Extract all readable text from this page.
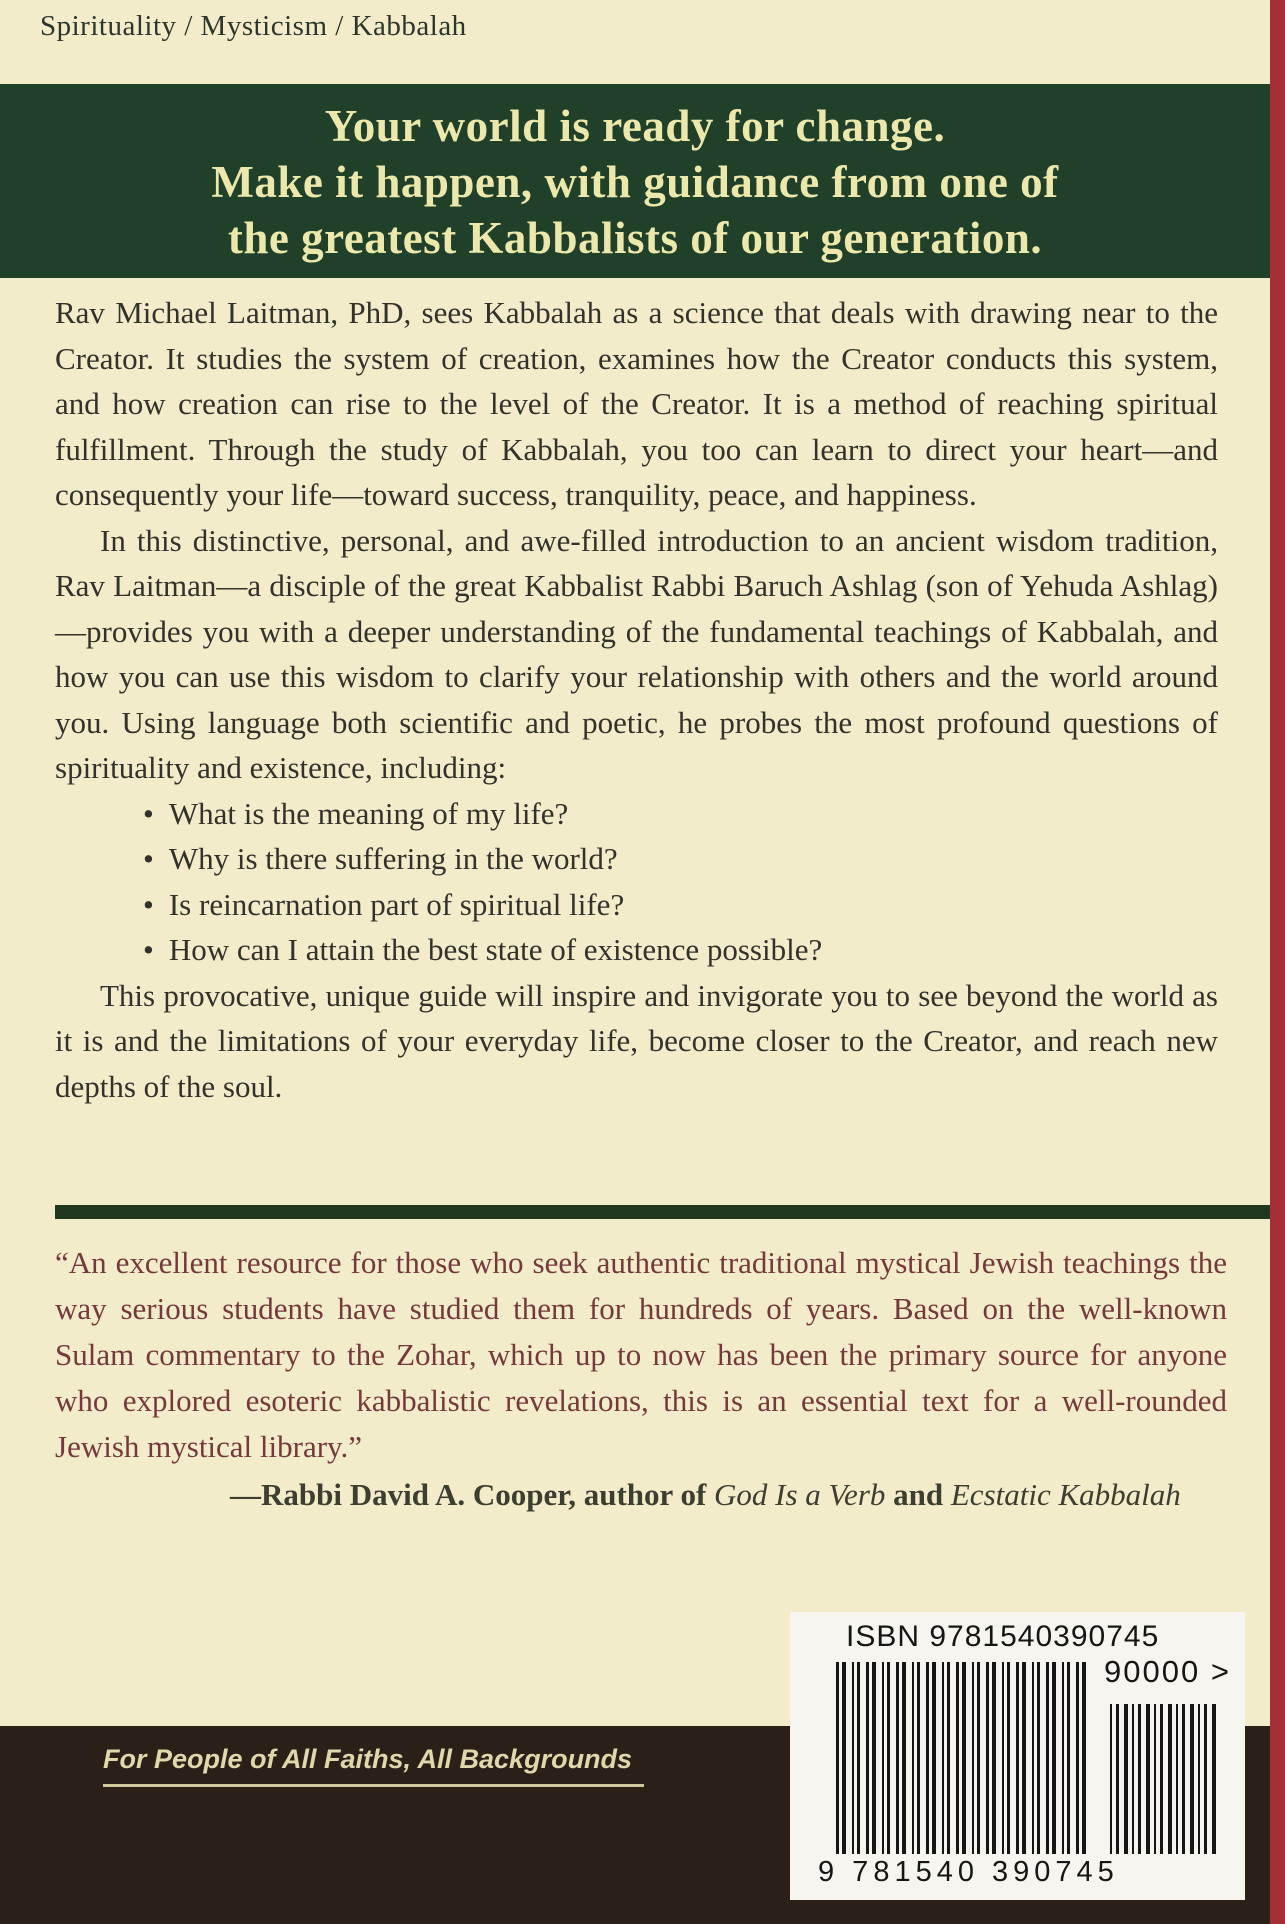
Spirituality / Mysticism / Kabbalah
Your world is ready for change.
Make it happen, with guidance from one of
the greatest Kabbalists of our generation.

Rav Michael Laitman, PhD, sees Kabbalah as a science that deals with drawing near to the Creator. It studies the system of creation, examines how the Creator conducts this system, and how creation can rise to the level of the Creator. It is a method of reaching spiritual fulfillment. Through the study of Kabbalah, you too can learn to direct your heart—and consequently your life—toward success, tranquility, peace, and happiness.

In this distinctive, personal, and awe-filled introduction to an ancient wisdom tradition, Rav Laitman—a disciple of the great Kabbalist Rabbi Baruch Ashlag (son of Yehuda Ashlag)—provides you with a deeper understanding of the fundamental teachings of Kabbalah, and how you can use this wisdom to clarify your relationship with others and the world around you. Using language both scientific and poetic, he probes the most profound questions of spirituality and existence, including:

• What is the meaning of my life?
• Why is there suffering in the world?
• Is reincarnation part of spiritual life?
• How can I attain the best state of existence possible?

This provocative, unique guide will inspire and invigorate you to see beyond the world as it is and the limitations of your everyday life, become closer to the Creator, and reach new depths of the soul.

“An excellent resource for those who seek authentic traditional mystical Jewish teachings the way serious students have studied them for hundreds of years. Based on the well-known Sulam commentary to the Zohar, which up to now has been the primary source for anyone who explored esoteric kabbalistic revelations, this is an essential text for a well-rounded Jewish mystical library.”

—Rabbi David A. Cooper, author of God Is a Verb and Ecstatic Kabbalah

For People of All Faiths, All Backgrounds
ISBN 9781540390745
90000 >
9 781540 390745
